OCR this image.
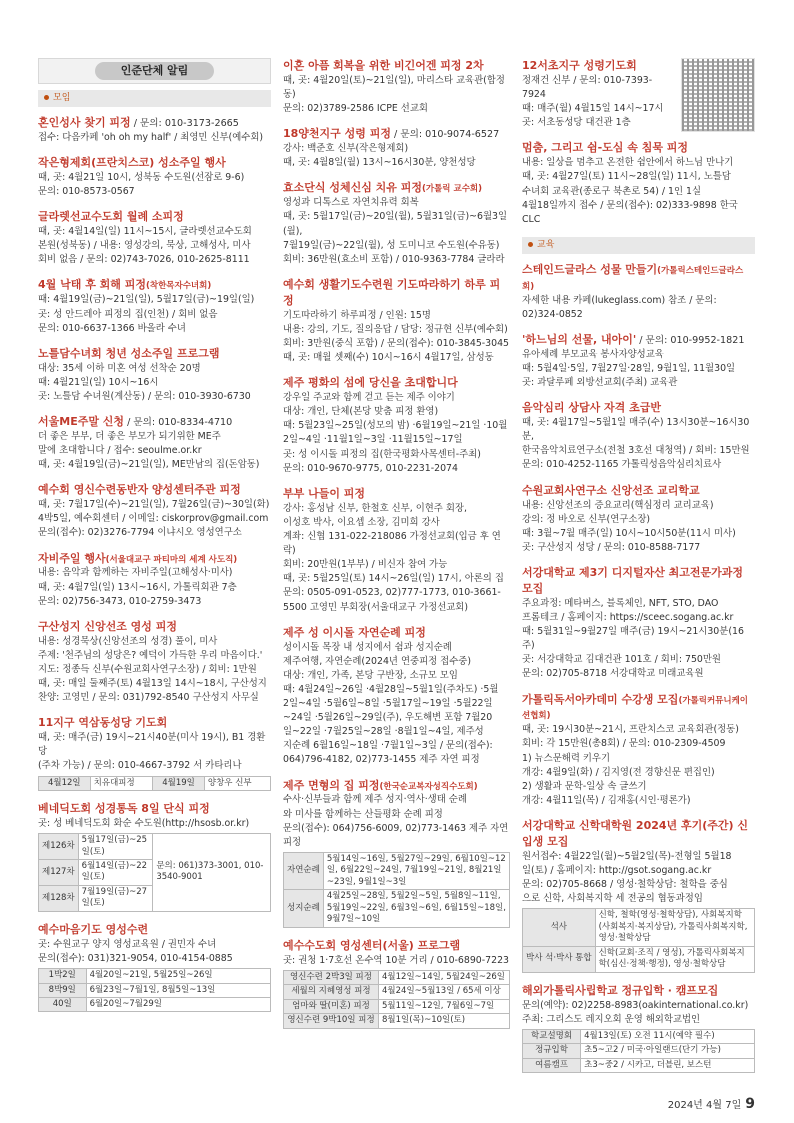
인준단체 알림
모임
혼인성사 찾기 피정 / 문의: 010-3173-2665
접수: 다음카페 'oh oh my half' / 최영민 신부(예수회)
작은형제회(프란치스코) 성소주일 행사
때, 곳: 4월21일 10시, 성북동 수도원(선잠로 9-6)
문의: 010-8573-0567
글라렛선교수도회 월례 소피정
때, 곳: 4월14일(일) 11시~15시, 글라렛선교수도회
본원(성북동) / 내용: 영성강의, 묵상, 고해성사, 미사
회비 없음 / 문의: 02)743-7026, 010-2625-8111
4월 낙태 후 회해 피정(착한목자수녀회)
때: 4월19일(금)~21일(일), 5월17일(금)~19일(일)
곳: 성 안드레아 피정의 집(인천) / 회비 없음
문의: 010-6637-1366 바올라 수녀
노틀담수녀회 청년 성소주일 프로그램
대상: 35세 이하 미혼 여성 선착순 20명
때: 4월21일(일) 10시~16시
곳: 노틀담 수녀원(계산동) / 문의: 010-3930-6730
서울ME주말 신청 / 문의: 010-8334-4710
더 좋은 부부, 더 좋은 부모가 되기위한 ME주
말에 초대합니다 / 접수: seoulme.or.kr
때, 곳: 4월19일(금)~21일(일), ME만남의 집(돈암동)
예수회 영신수련동반자 양성센터주관 피정
때, 곳: 7월17일(수)~21일(일), 7월26일(금)~30일(화)
4박5일, 예수회센터 / 이메일: ciskorprov@gmail.com
문의(접수): 02)3276-7794 이냐시오 영성연구소
자비주일 행사(서울대교구 파티마의 세계 사도직)
내용: 음악과 함께하는 자비주일(고해성사·미사)
때, 곳: 4월7일(일) 13시~16시, 가톨릭회관 7층
문의: 02)756-3473, 010-2759-3473
구산성지 신앙선조 영성 피정
내용: 성경묵상(신앙선조의 성경) 풀이, 미사
주제: '천주님의 성당은? 예덕이 가득한 우리 마음이다.'
지도: 정종득 신부(수원교회사연구소장) / 회비: 1만원
때, 곳: 매일 둘째주(토) 4월13일 14시~18시, 구산성지
찬양: 고영민 / 문의: 031)792-8540 구산성지 사무실
11지구 역삼동성당 기도회
때, 곳: 매주(금) 19시~21시40분(미사 19시), B1 경환당
(주차 가능) / 문의: 010-4667-3792 서 카타리나
4월12일	치유대피정	4월19일	양창우 신부
베네딕도회 성경통독 8일 단식 피정
곳: 성 베네딕도회 화순 수도원(http://hsosb.or.kr)
제126차	5월17일(금)~25일(토)	문의: 061)373-3001, 010-3540-9001
제127차	6월14일(금)~22일(토)	
제128차	7월19일(금)~27일(토)	
예수마음기도 영성수련
곳: 수원교구 양지 영성교육원 / 권민자 수녀
문의(접수): 031)321-9054, 010-4154-0885
1박2일	4월20일~21일, 5월25일~26일
8박9일	6월23일~7월1일, 8월5일~13일
40일	6월20일~7월29일
이혼 아픔 회복을 위한 비긴어겐 피정 2차
때, 곳: 4월20일(토)~21일(일), 마리스타 교육관(합정동)
문의: 02)3789-2586 ICPE 선교회
18양천지구 성령 피정 / 문의: 010-9074-6527
강사: 백준호 신부(작은형제회)
때, 곳: 4월8일(월) 13시~16시30분, 양천성당
효소단식 성체신심 치유 피정(가톨릭 교수회)
영성과 디톡스로 자연치유력 회복
때, 곳: 5월17일(금)~20일(월), 5월31일(금)~6월3일(월),
7월19일(금)~22일(월), 성 도미니코 수도원(수유동)
회비: 36만원(효소비 포함) / 010-9363-7784 글라라
예수회 생활기도수련원 기도따라하기 하루 피정
기도따라하기 하루피정 / 인원: 15명
내용: 강의, 기도, 질의응답 / 담당: 정규현 신부(예수회)
회비: 3만원(중식 포함) / 문의(접수): 010-3845-3045
때, 곳: 매월 셋째(수) 10시~16시 4월17일, 삼성동
제주 평화의 섬에 당신을 초대합니다
강우일 주교와 함께 걷고 듣는 제주 이야기
대상: 개인, 단체(본당 맞춤 피정 환영)
때: 5월23일~25일(성모의 밤) ·6월19일~21일 ·10월
2일~4일 ·11월1일~3일 ·11월15일~17일
곳: 성 이시돌 피정의 집(한국평화사목센터-주최)
문의: 010-9670-9775, 010-2231-2074
부부 나들이 피정
강사: 홍성남 신부, 한철호 신부, 이현주 회장,
이성호 박사, 이요셉 소장, 김미희 강사
계좌: 신협 131-022-218086 가정선교회(입금 후 연락)
회비: 20만원(1부부) / 비신자 참여 가능
때, 곳: 5월25일(토) 14시~26일(일) 17시, 아론의 집
문의: 0505-091-0523, 02)777-1773, 010-3661-
5500 고영민 부회장(서울대교구 가정선교회)
제주 성 이시돌 자연순례 피정
성이시돌 목장 내 성지에서 쉼과 성지순례
제주여행, 자연순례(2024년 연중피정 접수중)
대상: 개인, 가족, 본당 구반장, 소규모 모임
때: 4월24일~26일 ·4월28일~5월1일(주차도) ·5월
2일~4일 ·5월6일~8일 ·5월17일~19일 ·5월22일
~24일 ·5월26일~29일(주), 우도해변 포함 7월20
일~22일 ·7월25일~28일 ·8월1일~4일, 제주성
지순례 6월16일~18일 ·7월1일~3일 / 문의(접수):
064)796-4182, 02)773-1455 제주 자연 피정
제주 면형의 집 피정(한국순교복자성직수도회)
수사·신부들과 함께 제주 성지·역사·생태 순례
와 미사를 함께하는 산들평화 순례 피정
문의(접수): 064)756-6009, 02)773-1463 제주 자연 피정
자연순례	5월14일~16일, 5월27일~29일, 6월10일~12일, 6월22일~24일, 7월19일~21일, 8월21일~23일, 9월1일~3일
성지순례	4월25일~28일, 5월2일~5일, 5월8일~11일, 5월19일~22일, 6월3일~6일, 6월15일~18일, 9월7일~10일
예수수도회 영성센터(서울) 프로그램
곳: 권청 1·7호선 온수역 10분 거리 / 010-6890-7223
영신수련 2박3일 피정	4월12일~14일, 5월24일~26일
세월의 지혜영성 피정	4월24일~5월13일 / 65세 이상
엄마와 딸(미혼) 피정	5월11일~12일, 7월6일~7일
영신수련 9박10일 피정	8월1일(목)~10일(토)
12서초지구 성령기도회
정재건 신부 / 문의: 010-7393-7924
때: 매주(월) 4월15일 14시~17시
곳: 서초동성당 대건관 1층
멈춤, 그리고 쉼-도심 속 침묵 피정
내용: 일상을 멈추고 온전한 쉼안에서 하느님 만나기
때, 곳: 4월27일(토) 11시~28일(일) 11시, 노틀담
수녀회 교육관(종로구 북촌로 54) / 1인 1실
4월18일까지 접수 / 문의(접수): 02)333-9898 한국CLC
교육
스테인드글라스 성물 만들기(가톨릭스테인드글라스회)
자세한 내용 카페(lukeglass.com) 참조 / 문의: 02)324-0852
'하느님의 선물, 내아이' / 문의: 010-9952-1821
유아세례 부모교육 봉사자양성교육
때: 5월4일·5일, 7월27일·28일, 9월1일, 11월30일
곳: 과달루페 외방선교회(주최) 교육관
음악심리 상담사 자격 초급반
때, 곳: 4월17일~5월1일 매주(수) 13시30분~16시30분,
한국음악치료연구소(전철 3호선 대청역) / 회비: 15만원
문의: 010-4252-1165 가톨릭성음악심리치료사
수원교회사연구소 신앙선조 교리학교
내용: 신앙선조의 증요교리(핵심정리 교리교육)
강의: 정 바오로 신부(연구소장)
때: 3월~7월 매주(일) 10시~10시50분(11시 미사)
곳: 구산성지 성당 / 문의: 010-8588-7177
서강대학교 제3기 디지털자산 최고전문가과정 모집
주요과정: 메타버스, 블록체인, NFT, STO, DAO
프롬테크 / 홈페이지: https://sceec.sogang.ac.kr
때: 5월31일~9월27일 매주(금) 19시~21시30분(16주)
곳: 서강대학교 김대건관 101호 / 회비: 750만원
문의: 02)705-8718 서강대학교 미래교육원
가톨릭독서아카데미 수강생 모집(가톨릭커뮤니케이션협회)
때, 곳: 19시30분~21시, 프란치스코 교육회관(정동)
회비: 각 15만원(총8회) / 문의: 010-2309-4509
1) 뉴스문해력 키우기
개강: 4월9일(화) / 김지영(전 경향신문 편집인)
2) 생활과 문학-일상 속 글쓰기
개강: 4월11일(목) / 김재홍(시인·평론가)
서강대학교 신학대학원 2024년 후기(주간) 신입생 모집
원서접수: 4월22일(월)~5월2일(목)-전형일 5월18
일(토) / 홈페이지: http://gsot.sogang.ac.kr
문의: 02)705-8668 / 영성·철학상담: 철학을 중심
으로 신학, 사회복지학 세 전공의 협동과정임
석사	신학, 철학(영성·철학상담), 사회복지학(사회복지·복지상담), 가톨릭사회복지학, 영성·철학상담
박사 석·박사 통합	신학(교회·조직 / 영성), 가톨릭사회복지학(심신·정책·행정), 영성·철학상담
해외가톨릭사립학교 정규입학 · 캠프모집
문의(예약): 02)2258-8983(oakinternational.co.kr)
주최: 그리스도 레지오회 운영 해외학교법인
학교설명회	4월13일(토) 오전 11시(예약 필수)
정규입학	초5~고2 / 미국·아일랜드(단기 가능)
여름캠프	초3~중2 / 시카고, 더블린, 보스턴
2024년 4월 7일 9
